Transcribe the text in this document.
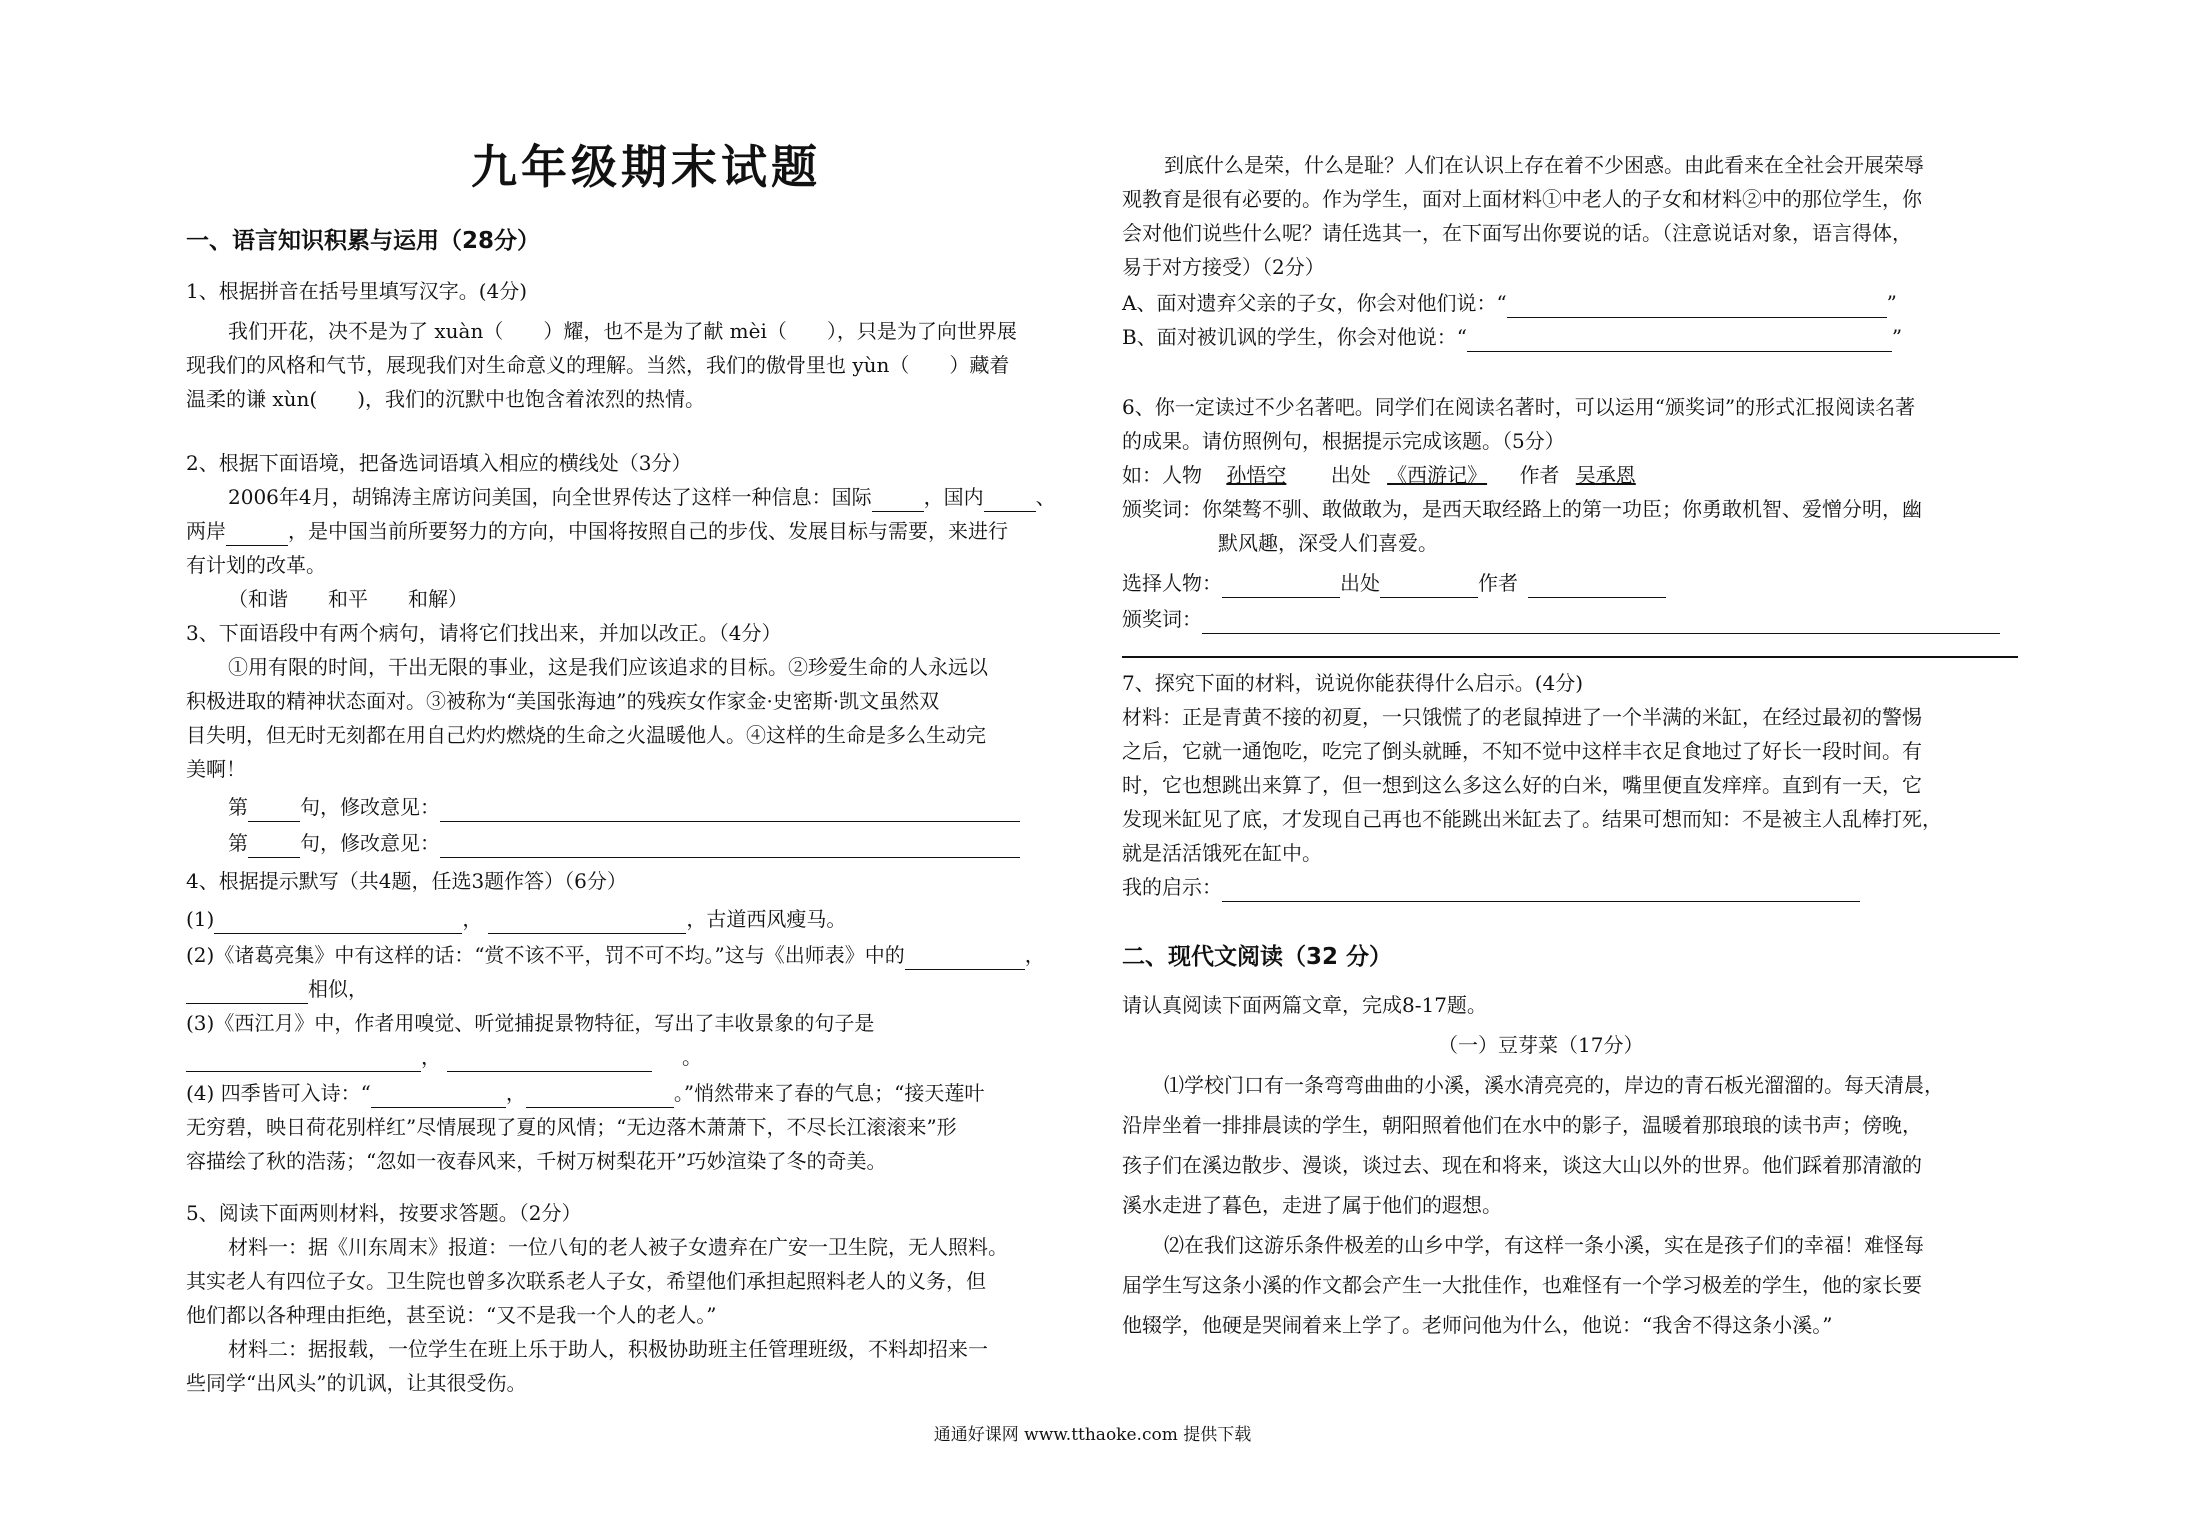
九年级期末试题
一、语言知识积累与运用（28分）
1、根据拼音在括号里填写汉字。(4分)
我们开花，决不是为了 xuàn（　　）耀，也不是为了献 mèi（　　），只是为了向世界展
现我们的风格和气节，展现我们对生命意义的理解。当然，我们的傲骨里也 yùn（　　）藏着
温柔的谦 xùn(　　)，我们的沉默中也饱含着浓烈的热情。
2、根据下面语境，把备选词语填入相应的横线处（3分）
2006年4月，胡锦涛主席访问美国，向全世界传达了这样一种信息：国际	，国内	、
两岸	，是中国当前所要努力的方向，中国将按照自己的步伐、发展目标与需要，来进行
有计划的改革。
（和谐　　和平　　和解）
3、下面语段中有两个病句，请将它们找出来，并加以改正。（4分）
①用有限的时间，干出无限的事业，这是我们应该追求的目标。②珍爱生命的人永远以
积极进取的精神状态面对。③被称为“美国张海迪”的残疾女作家金·史密斯·凯文虽然双
目失明，但无时无刻都在用自己灼灼燃烧的生命之火温暖他人。④这样的生命是多么生动完
美啊！
第	句，修改意见：
第	句，修改意见：
4、根据提示默写（共4题，任选3题作答）（6分）
(1)	，	，古道西风瘦马。
(2)《诸葛亮集》中有这样的话：“赏不该不平，罚不可不均。”这与《出师表》中的	，
相似，
(3)《西江月》中，作者用嗅觉、听觉捕捉景物特征，写出了丰收景象的句子是
，	。
(4) 四季皆可入诗：“	，	。”悄然带来了春的气息；“接天莲叶
无穷碧，映日荷花别样红”尽情展现了夏的风情；“无边落木萧萧下，不尽长江滚滚来”形
容描绘了秋的浩荡；“忽如一夜春风来，千树万树梨花开”巧妙渲染了冬的奇美。
5、阅读下面两则材料，按要求答题。（2分）
材料一：据《川东周末》报道：一位八旬的老人被子女遗弃在广安一卫生院，无人照料。
其实老人有四位子女。卫生院也曾多次联系老人子女，希望他们承担起照料老人的义务，但
他们都以各种理由拒绝，甚至说：“又不是我一个人的老人。”
材料二：据报载，一位学生在班上乐于助人，积极协助班主任管理班级，不料却招来一
些同学“出风头”的讥讽，让其很受伤。
到底什么是荣，什么是耻？人们在认识上存在着不少困惑。由此看来在全社会开展荣辱
观教育是很有必要的。作为学生，面对上面材料①中老人的子女和材料②中的那位学生，你
会对他们说些什么呢？请任选其一，在下面写出你要说的话。（注意说话对象，语言得体，
易于对方接受）（2分）
A、面对遗弃父亲的子女，你会对他们说：“	”
B、面对被讥讽的学生，你会对他说：“	”
6、你一定读过不少名著吧。同学们在阅读名著时，可以运用“颁奖词”的形式汇报阅读名著
的成果。请仿照例句，根据提示完成该题。（5分）
如：人物 孙悟空 出处 《西游记》 作者 吴承恩
颁奖词：你桀骜不驯、敢做敢为，是西天取经路上的第一功臣；你勇敢机智、爱憎分明，幽
默风趣，深受人们喜爱。
选择人物：	出处	作者
颁奖词：
7、探究下面的材料，说说你能获得什么启示。(4分)
材料：正是青黄不接的初夏，一只饿慌了的老鼠掉进了一个半满的米缸，在经过最初的警惕
之后，它就一通饱吃，吃完了倒头就睡，不知不觉中这样丰衣足食地过了好长一段时间。有
时，它也想跳出来算了，但一想到这么多这么好的白米，嘴里便直发痒痒。直到有一天，它
发现米缸见了底，才发现自己再也不能跳出米缸去了。结果可想而知：不是被主人乱棒打死，
就是活活饿死在缸中。
我的启示：
二、现代文阅读（32 分）
请认真阅读下面两篇文章，完成8-17题。
（一）豆芽菜（17分）
⑴学校门口有一条弯弯曲曲的小溪，溪水清亮亮的，岸边的青石板光溜溜的。每天清晨，
沿岸坐着一排排晨读的学生，朝阳照着他们在水中的影子，温暖着那琅琅的读书声；傍晚，
孩子们在溪边散步、漫谈，谈过去、现在和将来，谈这大山以外的世界。他们踩着那清澈的
溪水走进了暮色，走进了属于他们的遐想。
⑵在我们这游乐条件极差的山乡中学，有这样一条小溪，实在是孩子们的幸福！难怪每
届学生写这条小溪的作文都会产生一大批佳作，也难怪有一个学习极差的学生，他的家长要
他辍学，他硬是哭闹着来上学了。老师问他为什么，他说：“我舍不得这条小溪。”
通通好课网 www.tthaoke.com 提供下载
